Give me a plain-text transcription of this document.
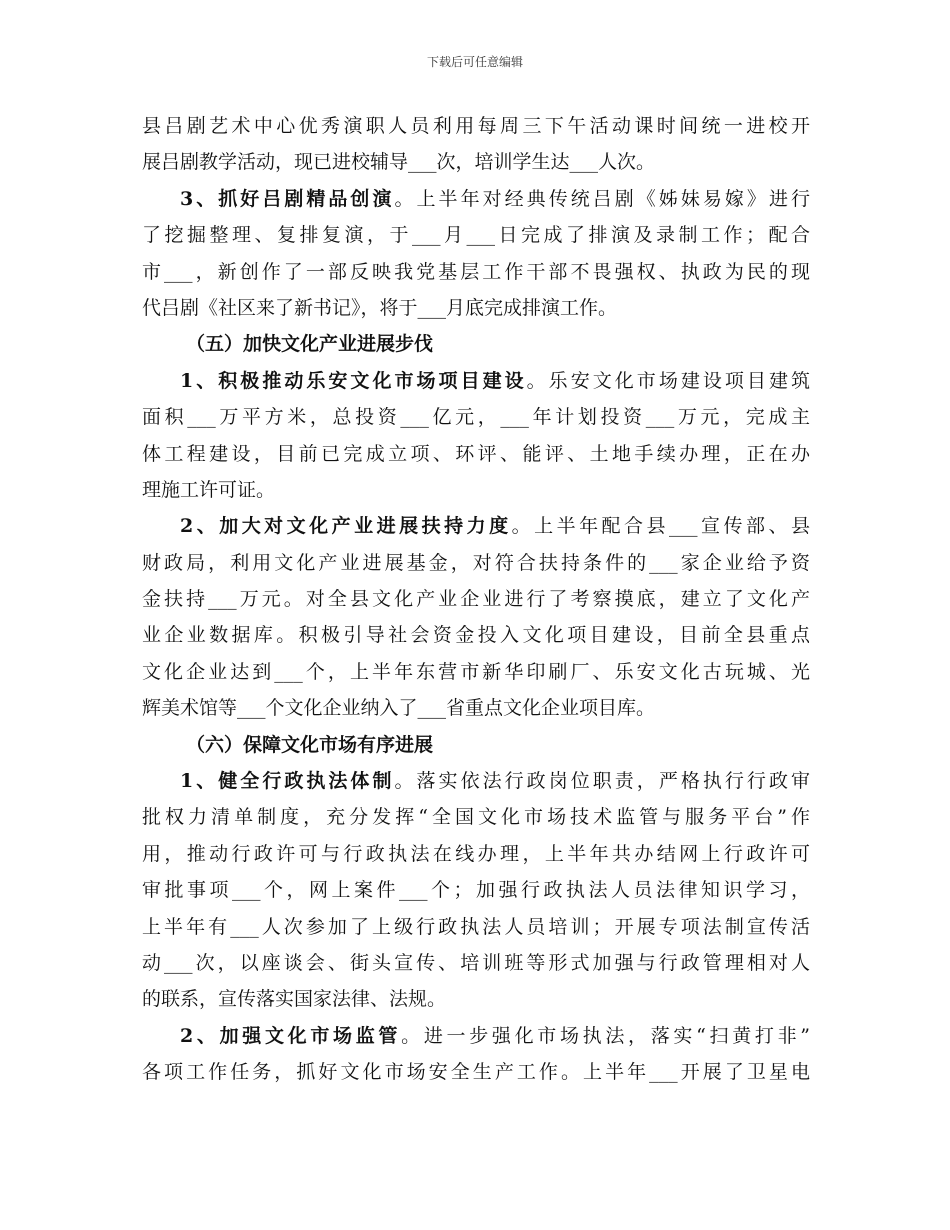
下载后可任意编辑
县吕剧艺术中心优秀演职人员利用每周三下午活动课时间统一进校开
展吕剧教学活动，现已进校辅导___次，培训学生达___人次。
3、抓好吕剧精品创演。上半年对经典传统吕剧《姊妹易嫁》进行
了挖掘整理、复排复演，于___月___日完成了排演及录制工作；配合
市___，新创作了一部反映我党基层工作干部不畏强权、执政为民的现
代吕剧《社区来了新书记》，将于___月底完成排演工作。
（五）加快文化产业进展步伐
1、积极推动乐安文化市场项目建设。乐安文化市场建设项目建筑
面积___万平方米，总投资___亿元，___年计划投资___万元，完成主
体工程建设，目前已完成立项、环评、能评、土地手续办理，正在办
理施工许可证。
2、加大对文化产业进展扶持力度。上半年配合县___宣传部、县
财政局，利用文化产业进展基金，对符合扶持条件的___家企业给予资
金扶持___万元。对全县文化产业企业进行了考察摸底，建立了文化产
业企业数据库。积极引导社会资金投入文化项目建设，目前全县重点
文化企业达到___个，上半年东营市新华印刷厂、乐安文化古玩城、光
辉美术馆等___个文化企业纳入了___省重点文化企业项目库。
（六）保障文化市场有序进展
1、健全行政执法体制。落实依法行政岗位职责，严格执行行政审
批权力清单制度，充分发挥“全国文化市场技术监管与服务平台”作
用，推动行政许可与行政执法在线办理，上半年共办结网上行政许可
审批事项___个，网上案件___个；加强行政执法人员法律知识学习，
上半年有___人次参加了上级行政执法人员培训；开展专项法制宣传活
动___次，以座谈会、街头宣传、培训班等形式加强与行政管理相对人
的联系，宣传落实国家法律、法规。
2、加强文化市场监管。进一步强化市场执法，落实“扫黄打非”
各项工作任务，抓好文化市场安全生产工作。上半年___开展了卫星电
